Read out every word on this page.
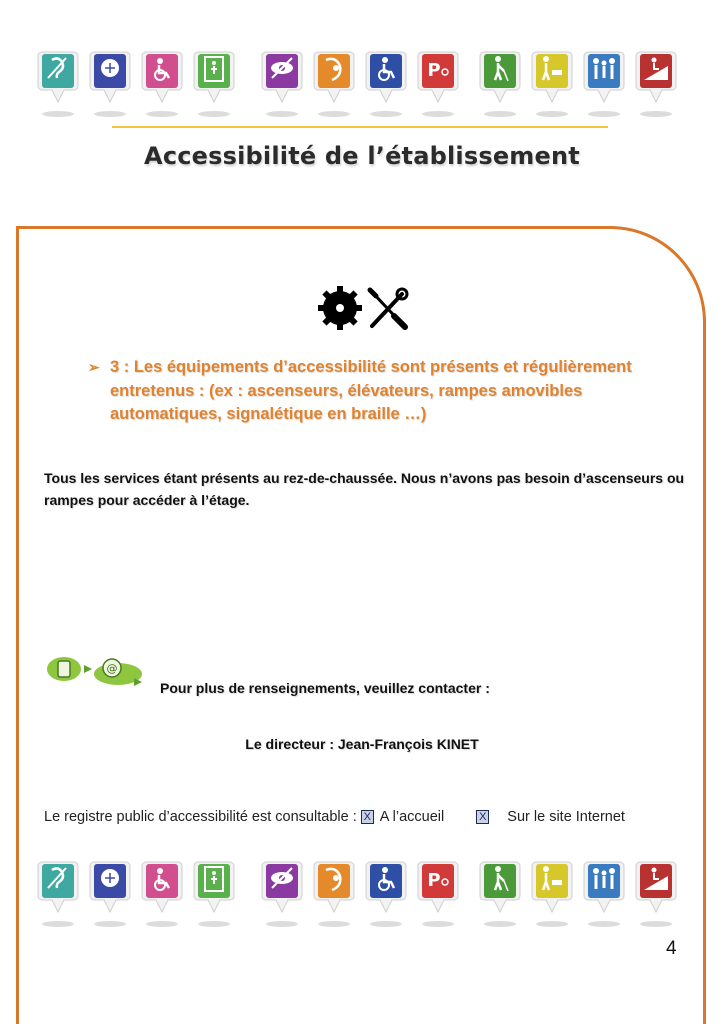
P
Accessibilité de l’établissement
➢ 3 : Les équipements d’accessibilité sont présents et régulièrement entretenus : (ex : ascenseurs, élévateurs, rampes amovibles automatiques, signalétique en braille …)
Tous les services étant présents au rez-de-chaussée. Nous n’avons pas besoin d’ascenseurs ou rampes pour accéder à l’étage.
@
Pour plus de renseignements, veuillez contacter :
Le directeur : Jean-François KINET
Le registre public d’accessibilité est consultable : X A l’accueil	X Sur le site Internet
P
4
